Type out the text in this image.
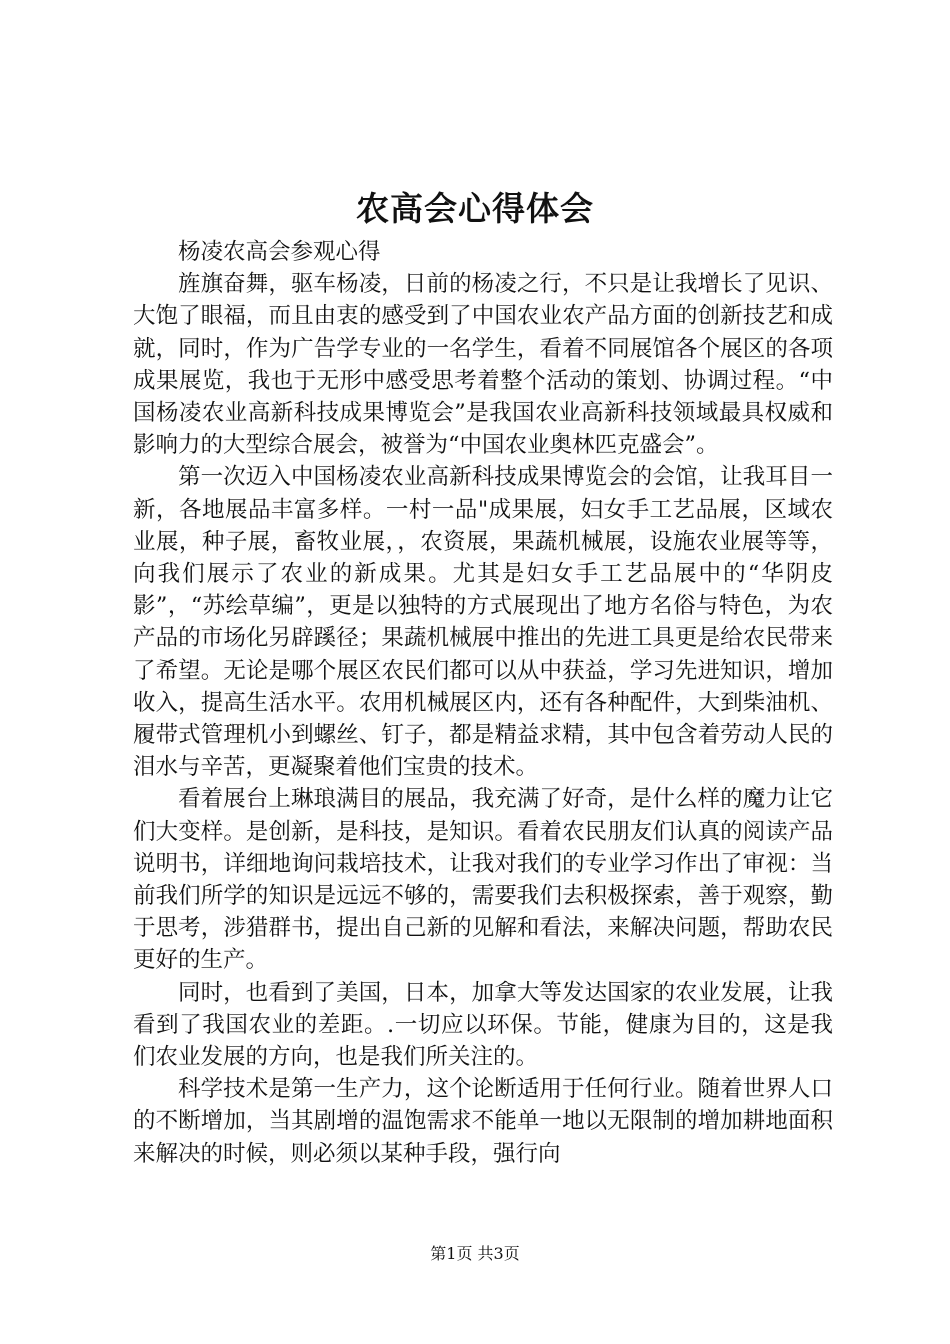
农高会心得体会

杨凌农高会参观心得

旌旗奋舞，驱车杨凌，日前的杨凌之行，不只是让我增长了见识、大饱了眼福，而且由衷的感受到了中国农业农产品方面的创新技艺和成就，同时，作为广告学专业的一名学生，看着不同展馆各个展区的各项成果展览，我也于无形中感受思考着整个活动的策划、协调过程。“中国杨凌农业高新科技成果博览会”是我国农业高新科技领域最具权威和影响力的大型综合展会，被誉为“中国农业奥林匹克盛会”。

第一次迈入中国杨凌农业高新科技成果博览会的会馆，让我耳目一新，各地展品丰富多样。一村一品"成果展，妇女手工艺品展，区域农业展，种子展，畜牧业展，，农资展，果蔬机械展，设施农业展等等，向我们展示了农业的新成果。尤其是妇女手工艺品展中的“华阴皮影”，“苏绘草编”，更是以独特的方式展现出了地方名俗与特色，为农产品的市场化另辟蹊径；果蔬机械展中推出的先进工具更是给农民带来了希望。无论是哪个展区农民们都可以从中获益，学习先进知识，增加收入，提高生活水平。农用机械展区内，还有各种配件，大到柴油机、履带式管理机小到螺丝、钉子，都是精益求精，其中包含着劳动人民的泪水与辛苦，更凝聚着他们宝贵的技术。

看着展台上琳琅满目的展品，我充满了好奇，是什么样的魔力让它们大变样。是创新，是科技，是知识。看着农民朋友们认真的阅读产品说明书，详细地询问栽培技术，让我对我们的专业学习作出了审视：当前我们所学的知识是远远不够的，需要我们去积极探索，善于观察，勤于思考，涉猎群书，提出自己新的见解和看法，来解决问题，帮助农民更好的生产。

同时，也看到了美国，日本，加拿大等发达国家的农业发展，让我看到了我国农业的差距。.一切应以环保。节能，健康为目的，这是我们农业发展的方向，也是我们所关注的。

科学技术是第一生产力，这个论断适用于任何行业。随着世界人口的不断增加，当其剧增的温饱需求不能单一地以无限制的增加耕地面积来解决的时候，则必须以某种手段，强行向

第1页 共3页
